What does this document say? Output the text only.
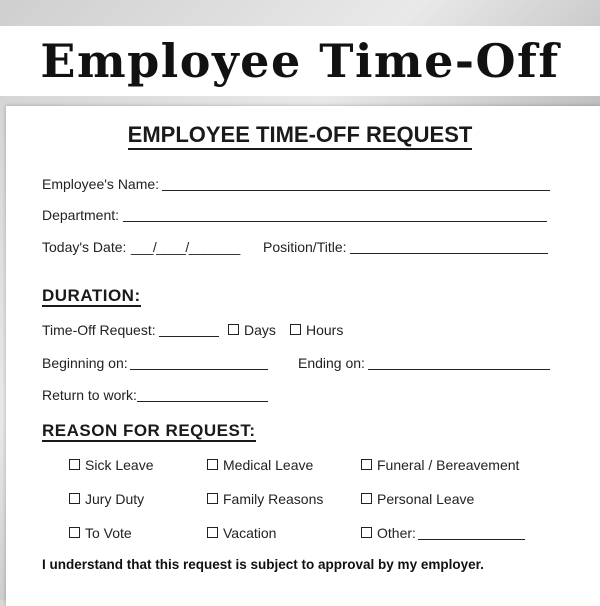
Employee Time-Off
EMPLOYEE TIME-OFF REQUEST
Employee's Name:
Department:
Today's Date: ___/____/_______ Position/Title:
DURATION:
Time-Off Request:	Days	Hours
Beginning on:	Ending on:
Return to work:
REASON FOR REQUEST:
Sick Leave	Medical Leave	Funeral / Bereavement
Jury Duty	Family Reasons	Personal Leave
To Vote	Vacation	Other:
I understand that this request is subject to approval by my employer.
